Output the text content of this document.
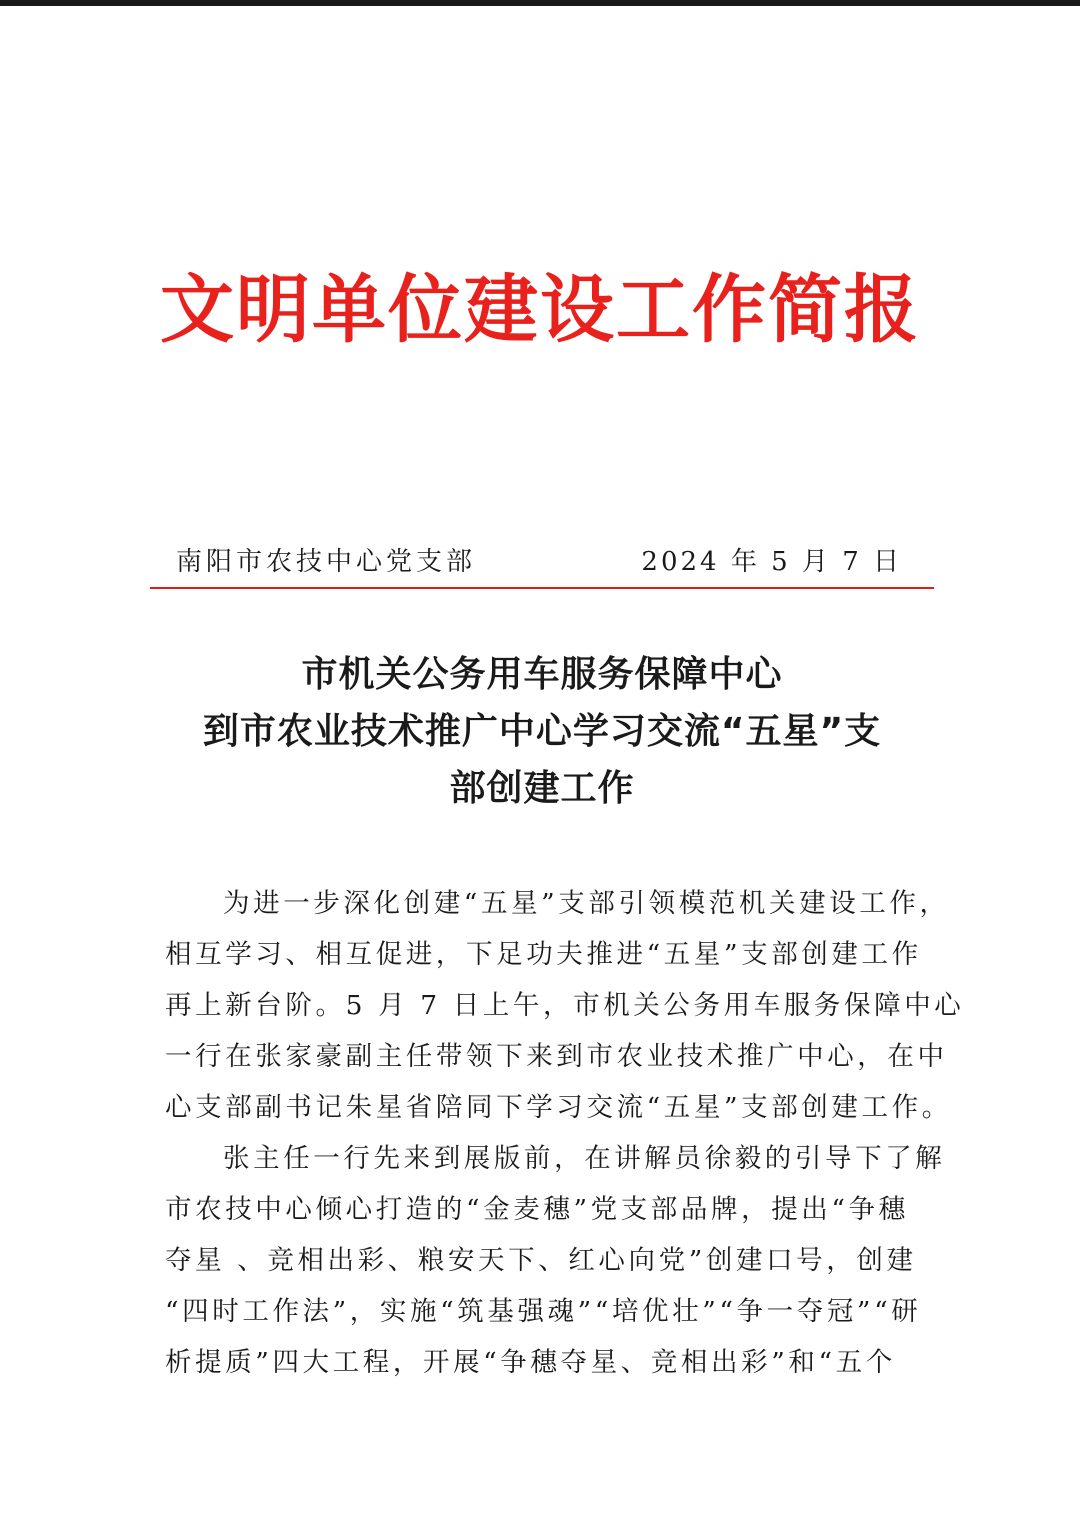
文明单位建设工作简报
南阳市农技中心党支部	2024 年 5 月 7 日
市机关公务用车服务保障中心
到市农业技术推广中心学习交流“五星”支
部创建工作
为进一步深化创建“五星”支部引领模范机关建设工作，
相互学习、相互促进，下足功夫推进“五星”支部创建工作
再上新台阶。5 月 7 日上午，市机关公务用车服务保障中心
一行在张家豪副主任带领下来到市农业技术推广中心，在中
心支部副书记朱星省陪同下学习交流“五星”支部创建工作。
张主任一行先来到展版前，在讲解员徐毅的引导下了解
市农技中心倾心打造的“金麦穗”党支部品牌，提出“争穗
夺星 、竞相出彩、粮安天下、红心向党”创建口号，创建
“四时工作法”，实施“筑基强魂”“培优壮”“争一夺冠”“研
析提质”四大工程，开展“争穗夺星、竞相出彩”和“五个
